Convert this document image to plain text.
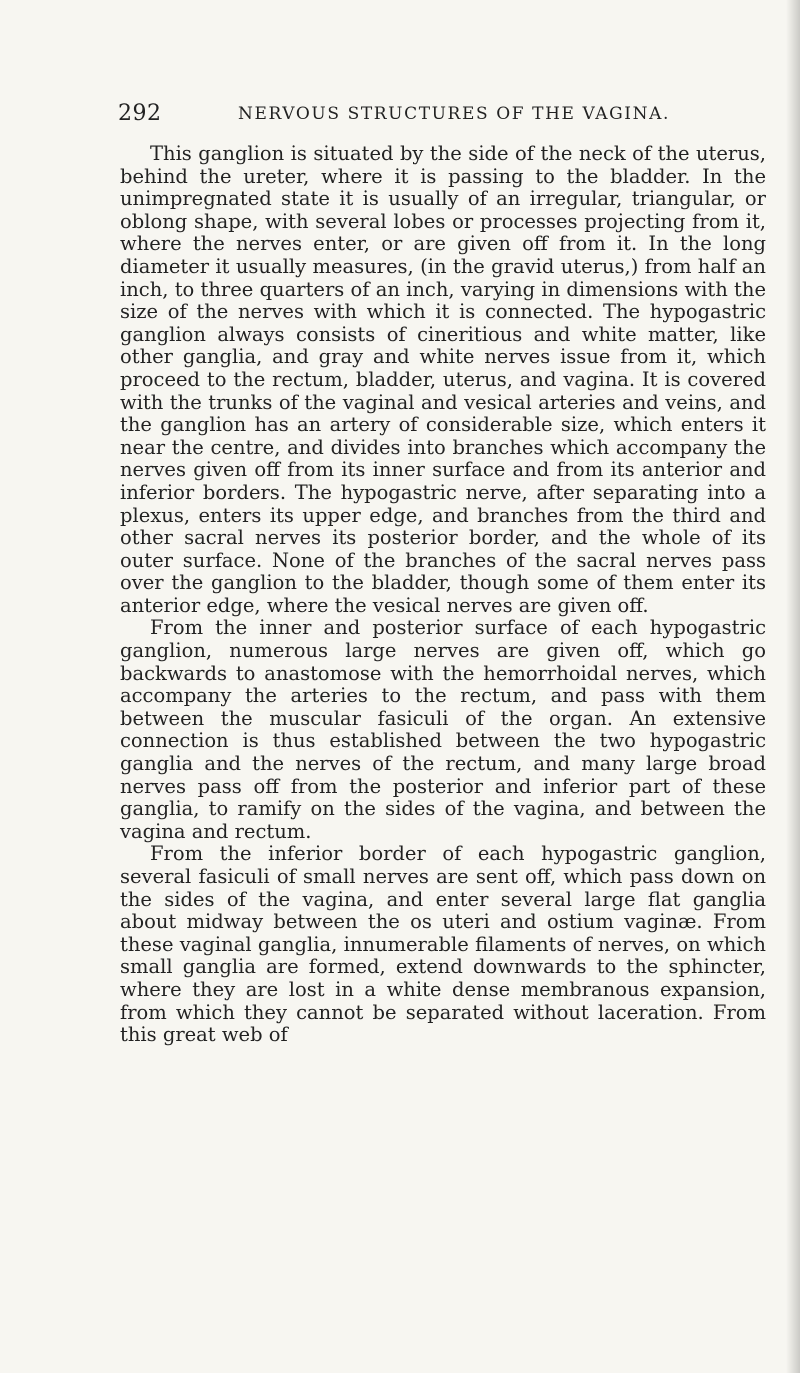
292	NERVOUS STRUCTURES OF THE VAGINA.

This ganglion is situated by the side of the neck of the uterus, behind the ureter, where it is passing to the bladder. In the unimpregnated state it is usually of an irregular, triangular, or oblong shape, with several lobes or processes projecting from it, where the nerves enter, or are given off from it. In the long diameter it usually measures, (in the gravid uterus,) from half an inch, to three quarters of an inch, varying in dimensions with the size of the nerves with which it is connected. The hypogastric ganglion always consists of cineritious and white matter, like other ganglia, and gray and white nerves issue from it, which proceed to the rectum, bladder, uterus, and vagina. It is covered with the trunks of the vaginal and vesical arteries and veins, and the ganglion has an artery of considerable size, which enters it near the centre, and divides into branches which accompany the nerves given off from its inner surface and from its anterior and inferior borders. The hypogastric nerve, after separating into a plexus, enters its upper edge, and branches from the third and other sacral nerves its posterior border, and the whole of its outer surface. None of the branches of the sacral nerves pass over the ganglion to the bladder, though some of them enter its anterior edge, where the vesical nerves are given off.

From the inner and posterior surface of each hypogastric ganglion, numerous large nerves are given off, which go backwards to anastomose with the hemorrhoidal nerves, which accompany the arteries to the rectum, and pass with them between the muscular fasiculi of the organ. An extensive connection is thus established between the two hypogastric ganglia and the nerves of the rectum, and many large broad nerves pass off from the posterior and inferior part of these ganglia, to ramify on the sides of the vagina, and between the vagina and rectum.

From the inferior border of each hypogastric ganglion, several fasiculi of small nerves are sent off, which pass down on the sides of the vagina, and enter several large flat ganglia about midway between the os uteri and ostium vaginæ. From these vaginal ganglia, innumerable filaments of nerves, on which small ganglia are formed, extend downwards to the sphincter, where they are lost in a white dense membranous expansion, from which they cannot be separated without laceration. From this great web of
